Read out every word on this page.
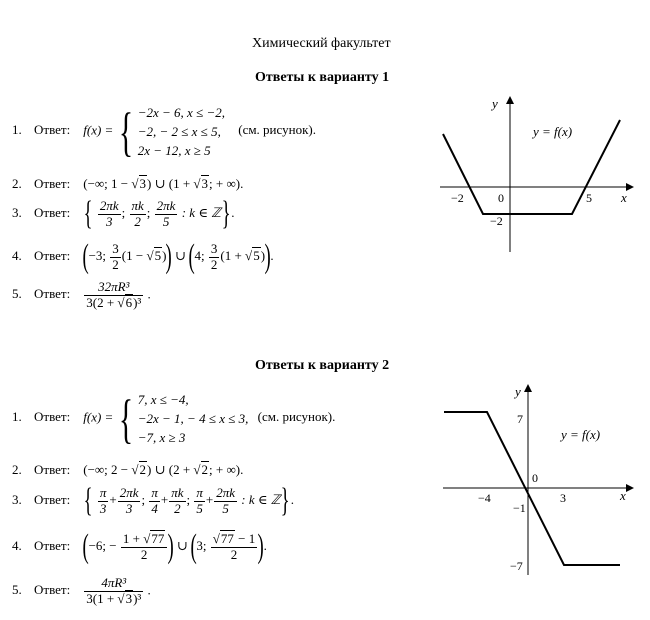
Химический факультет
Ответы к варианту 1
1. Ответ: f(x) = { −2x − 6, x ≤ −2,
−2, − 2 ≤ x ≤ 5,
2x − 12, x ≥ 5
(см. рисунок).
2. Ответ: (−∞; 1 − √3) ∪ (1 + √3; + ∞).
3. Ответ: { $\frac{2\pi k}{3}$ ; $\frac{\pi k}{2}$ ; $\frac{2\pi k}{5}$ : k ∈ ℤ}.
4. Ответ: (−3; $\frac{3}{2} (1 - √5)$) ∪ (4; $\frac{3}{2} (1 + √5)$).
5. Ответ: $\frac{\text{32πR³}}{\text{3(2 + √6)³}}$ .
y
x
y = f(x)
−2	0	5
−2
Ответы к варианту 2
1. Ответ: f(x) = { 7, x ≤ −4,
−2x − 1, − 4 ≤ x ≤ 3,
−7, x ≥ 3
(см. рисунок).
2. Ответ: (−∞; 2 − √2) ∪ (2 + √2; + ∞).
3. Ответ: { $\frac{\pi}{3} + \frac{2\pi k}{3}$ ; $\frac{\pi}{4} + \frac{\pi k}{2}$ ; $\frac{\pi}{5} + \frac{2\pi k}{5}$ : k ∈ ℤ}.
4. Ответ: (−6; − $\frac{1 + √77}{2}$ ) ∪ (3; $\frac{√77 - 1}{2}$ ).
5. Ответ: $\frac{\text{4πR³}}{\text{3(1 + √3)³}}$ .
y
x
y = f(x)
7
0
−4	3
−1
−7
